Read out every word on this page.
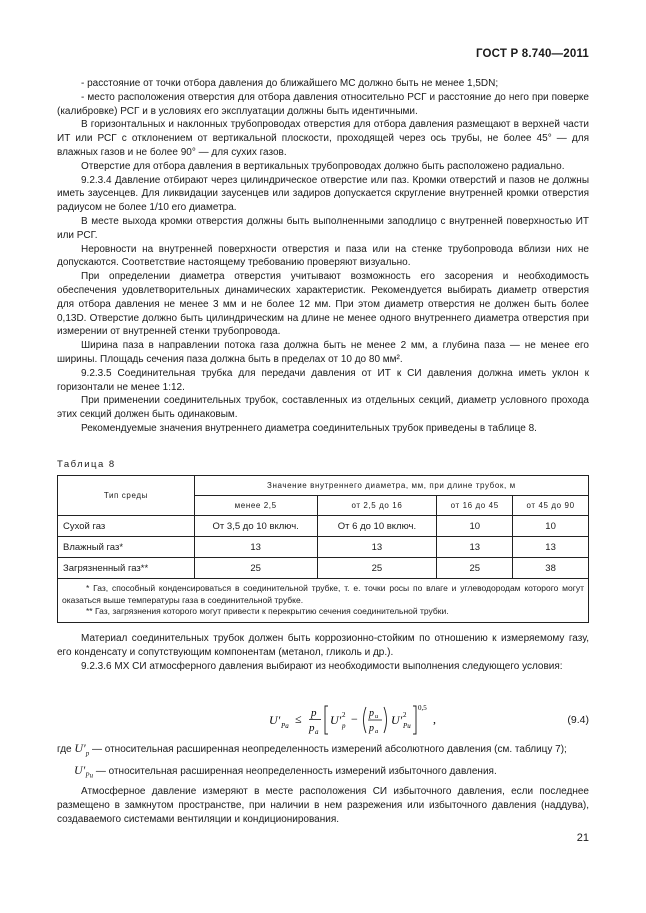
ГОСТ Р 8.740—2011

- расстояние от точки отбора давления до ближайшего МС должно быть не менее 1,5DN;

- место расположения отверстия для отбора давления относительно РСГ и расстояние до него при поверке (калибровке) РСГ и в условиях его эксплуатации должны быть идентичными.

В горизонтальных и наклонных трубопроводах отверстия для отбора давления размещают в верхней части ИТ или РСГ с отклонением от вертикальной плоскости, проходящей через ось трубы, не более 45° — для влажных газов и не более 90° — для сухих газов.

Отверстие для отбора давления в вертикальных трубопроводах должно быть расположено радиально.

9.2.3.4 Давление отбирают через цилиндрическое отверстие или паз. Кромки отверстий и пазов не должны иметь заусенцев. Для ликвидации заусенцев или задиров допускается скругление внутренней кромки отверстия радиусом не более 1/10 его диаметра.

В месте выхода кромки отверстия должны быть выполненными заподлицо с внутренней поверхностью ИТ или РСГ.

Неровности на внутренней поверхности отверстия и паза или на стенке трубопровода вблизи них не допускаются. Соответствие настоящему требованию проверяют визуально.

При определении диаметра отверстия учитывают возможность его засорения и необходимость обеспечения удовлетворительных динамических характеристик. Рекомендуется выбирать диаметр отверстия для отбора давления не менее 3 мм и не более 12 мм. При этом диаметр отверстия не должен быть более 0,13D. Отверстие должно быть цилиндрическим на длине не менее одного внутреннего диаметра отверстия при измерении от внутренней стенки трубопровода.

Ширина паза в направлении потока газа должна быть не менее 2 мм, а глубина паза — не менее его ширины. Площадь сечения паза должна быть в пределах от 10 до 80 мм².

9.2.3.5 Соединительная трубка для передачи давления от ИТ к СИ давления должна иметь уклон к горизонтали не менее 1:12.

При применении соединительных трубок, составленных из отдельных секций, диаметр условного прохода этих секций должен быть одинаковым.

Рекомендуемые значения внутреннего диаметра соединительных трубок приведены в таблице 8.

Таблица 8
Тип среды	Значение внутреннего диаметра, мм, при длине трубок, м			
	менее 2,5	от 2,5 до 16	от 16 до 45	от 45 до 90
Сухой газ	От 3,5 до 10 включ.	От 6 до 10 включ.	10	10
Влажный газ*	13	13	13	13
Загрязненный газ**	25	25	25	38

* Газ, способный конденсироваться в соединительной трубке, т. е. точки росы по влаге и углеводородам которого могут оказаться выше температуры газа в соединительной трубке.
** Газ, загрязнения которого могут привести к перекрытию сечения соединительной трубки.				

Материал соединительных трубок должен быть коррозионно-стойким по отношению к измеряемому газу, его конденсату и сопутствующим компонентам (метанол, гликоль и др.).

9.2.3.6 МХ СИ атмосферного давления выбирают из необходимости выполнения следующего условия:

U′ Pa ≤ p
p a
U′ 2
p − p и
p а
U′ 2
Pи
0,5
,	(9.4)
где $U'_p$ — относительная расширенная неопределенность измерений абсолютного давления (см. таблицу 7);
$U'_{Pи}$ — относительная расширенная неопределенность измерений избыточного давления.

Атмосферное давление измеряют в месте расположения СИ избыточного давления, если последнее размещено в замкнутом пространстве, при наличии в нем разрежения или избыточного давления (наддува), создаваемого системами вентиляции и кондиционирования.

21
